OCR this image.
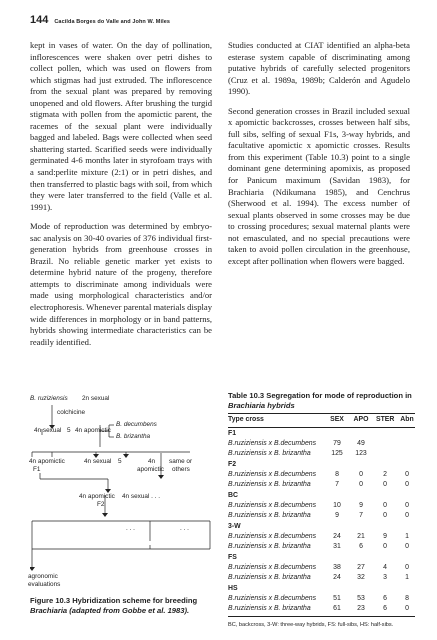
144 Cacilda Borges do Valle and John W. Miles

kept in vases of water. On the day of pollination, inflorescences were shaken over petri dishes to collect pollen, which was used on flowers from which stigmas had just extruded. The inflorescence from the sexual plant was prepared by removing unopened and old flowers. After brushing the turgid stigmata with pollen from the apomictic parent, the racemes of the sexual plant were individually bagged and labeled. Bags were collected when seed shattering started. Scarified seeds were individually germinated 4-6 months later in styrofoam trays with a sand:perlite mixture (2:1) or in petri dishes, and then transferred to plastic bags with soil, from which they were later transferred to the field (Valle et al. 1991).

Mode of reproduction was determined by embryo-sac analysis on 30-40 ovaries of 376 individual first-generation hybrids from greenhouse crosses in Brazil. No reliable genetic marker yet exists to determine hybrid nature of the progeny, therefore attempts to discriminate among individuals were made using morphological characteristics and/or electrophoresis. Whenever parental materials display wide differences in morphology or in band patterns, hybrids showing intermediate characteristics can be readily identified.

Studies conducted at CIAT identified an alpha-beta esterase system capable of discriminating among putative hybrids of carefully selected progenitors (Cruz et al. 1989a, 1989b; Calderón and Agudelo 1990).

Second generation crosses in Brazil included sexual x apomictic backcrosses, crosses between half sibs, full sibs, selfing of sexual F1s, 3-way hybrids, and facultative apomictic x apomictic crosses. Results from this experiment (Table 10.3) point to a single dominant gene determining apomixis, as proposed for Panicum maximum (Savidan 1983), for Brachiaria (Ndikumana 1985), and Cenchrus (Sherwood et al. 1994). The excess number of sexual plants observed in some crosses may be due to crossing procedures; sexual maternal plants were not emasculated, and no special precautions were taken to avoid pollen circulation in the greenhouse, except after pollination when flowers were bagged.

Table 10.3 Segregation for mode of reproduction in
Brachiaria hybrids
Type cross	SEX	APO STER Abn
F1
B.ruziziensis x B.decumbens	79	49
B.ruziziensis x B. brizantha	125	123
F2
B.ruziziensis x B.decumbens	8	0	2	0
B.ruziziensis x B. brizantha	7	0	0	0
BC
B.ruziziensis x B.decumbens	10	9	0	0
B.ruziziensis x B. brizantha	9	7	0	0
3-W
B.ruziziensis x B.decumbens	24	21	9	1
B.ruziziensis x B. brizantha	31	6	0	0
FS
B.ruziziensis x B.decumbens	38	27	4	0
B.ruziziensis x B. brizantha	24	32	3	1
HS
B.ruziziensis x B.decumbens	51	53	6	8
B.ruziziensis x B. brizantha	61	23	6	0
BC, backcross, 3-W: three-way hybrids, FS: full-sibs, HS: half-sibs.
B. ruziziensis 2n sexual
colchicine
4n sexual 5 4n apomictic
B. decumbens
B. brizantha
4n apomictic	4n sexual 5	4n
apomictic
same or
others
F1
4n apomictic 4n sexual . . .
F2
. . .	. . .
agronomic
evaluations
Figure 10.3 Hybridization scheme for breeding
Brachiaria (adapted from Gobbe et al. 1983).
